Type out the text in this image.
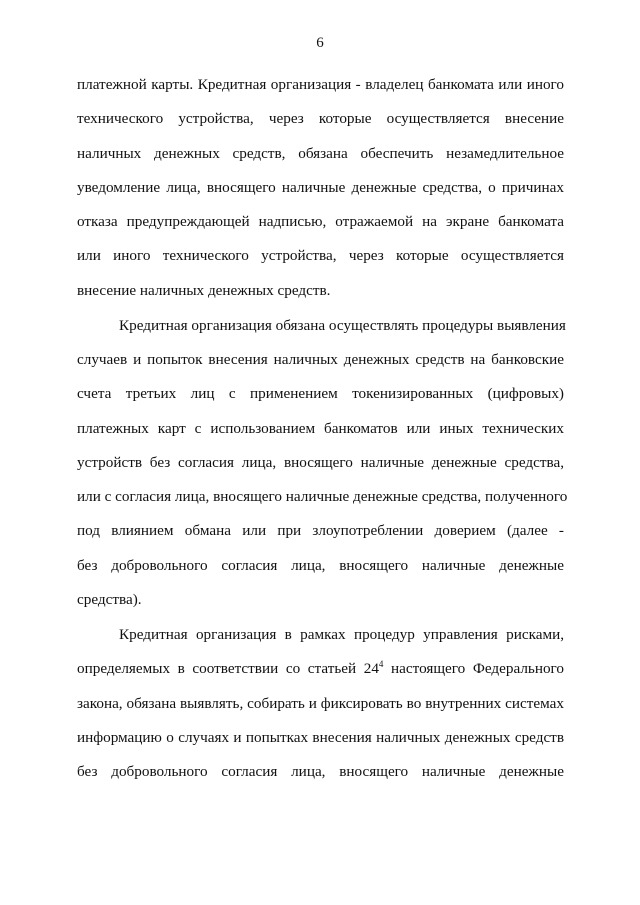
6
платежной карты. Кредитная организация - владелец банкомата или иного
технического устройства, через которые осуществляется внесение
наличных денежных средств, обязана обеспечить незамедлительное
уведомление лица, вносящего наличные денежные средства, о причинах
отказа предупреждающей надписью, отражаемой на экране банкомата
или иного технического устройства, через которые осуществляется
внесение наличных денежных средств.
Кредитная организация обязана осуществлять процедуры выявления
случаев и попыток внесения наличных денежных средств на банковские
счета третьих лиц с применением токенизированных (цифровых)
платежных карт с использованием банкоматов или иных технических
устройств без согласия лица, вносящего наличные денежные средства,
или с согласия лица, вносящего наличные денежные средства, полученного
под влиянием обмана или при злоупотреблении доверием (далее -
без добровольного согласия лица, вносящего наличные денежные
средства).
Кредитная организация в рамках процедур управления рисками,
определяемых в соответствии со статьей $24^4$ настоящего Федерального
закона, обязана выявлять, собирать и фиксировать во внутренних системах
информацию о случаях и попытках внесения наличных денежных средств
без добровольного согласия лица, вносящего наличные денежные
